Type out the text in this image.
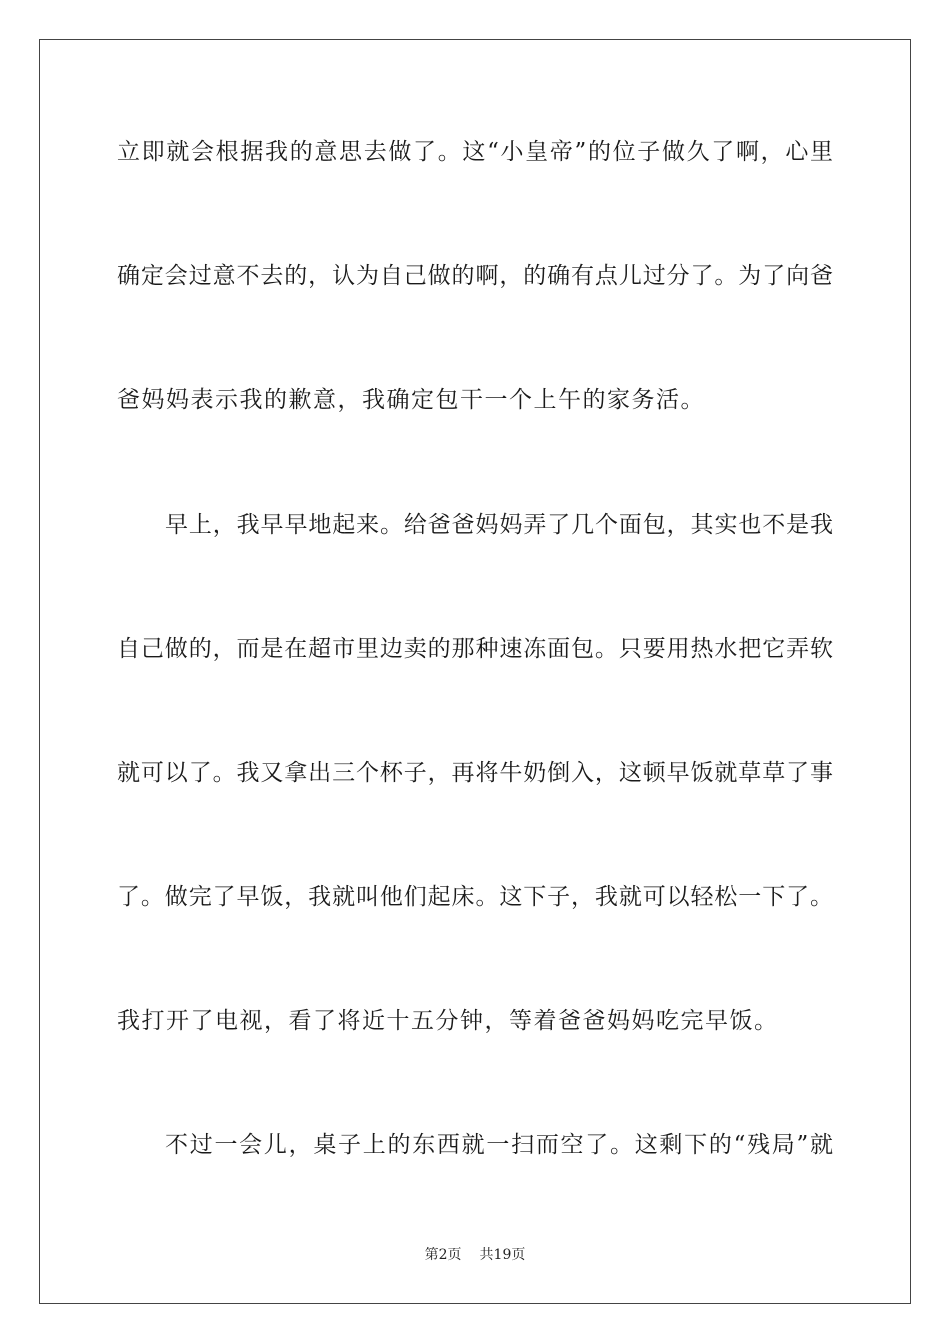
立即就会根据我的意思去做了。这“小皇帝”的位子做久了啊，心里
确定会过意不去的，认为自己做的啊，的确有点儿过分了。为了向爸
爸妈妈表示我的歉意，我确定包干一个上午的家务活。
早上，我早早地起来。给爸爸妈妈弄了几个面包，其实也不是我
自己做的，而是在超市里边卖的那种速冻面包。只要用热水把它弄软
就可以了。我又拿出三个杯子，再将牛奶倒入，这顿早饭就草草了事
了。做完了早饭，我就叫他们起床。这下子，我就可以轻松一下了。
我打开了电视，看了将近十五分钟，等着爸爸妈妈吃完早饭。
不过一会儿，桌子上的东西就一扫而空了。这剩下的“残局”就
第2页 共19页
